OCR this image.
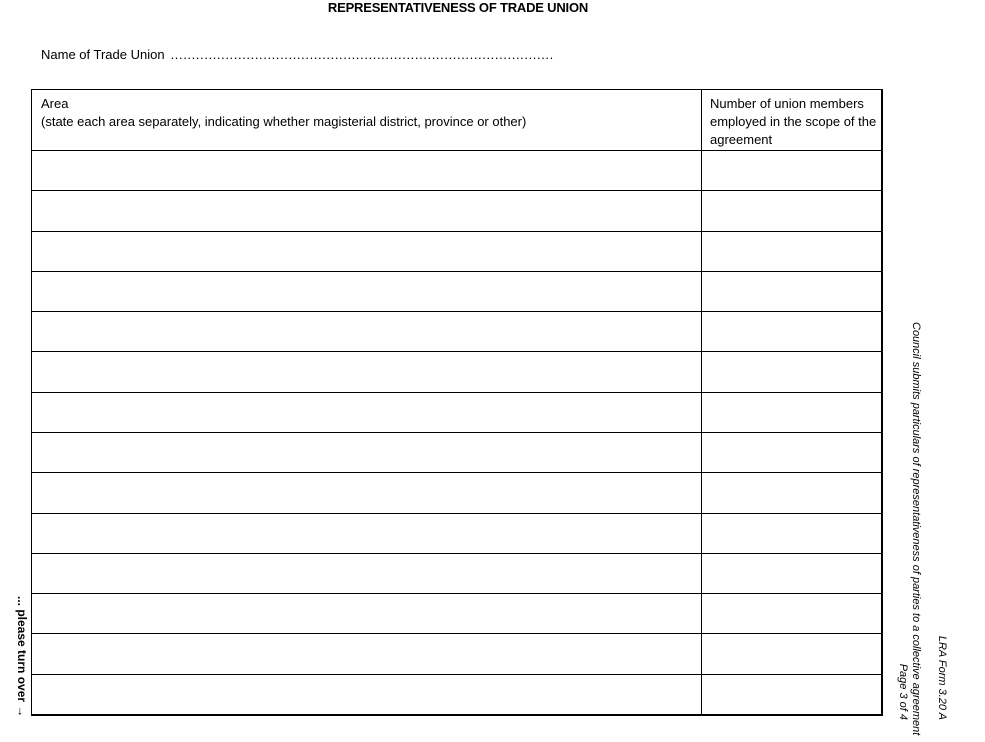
REPRESENTATIVENESS OF TRADE UNION
Name of Trade Union ...........................................................................................
Area
(state each area separately, indicating whether magisterial district, province or other)
Number of union members employed in the scope of the agreement
Council submits particulars of representativeness of parties to a collective agreement LRA Form 3.20 A
Page 3 of 4
... please turn over →
